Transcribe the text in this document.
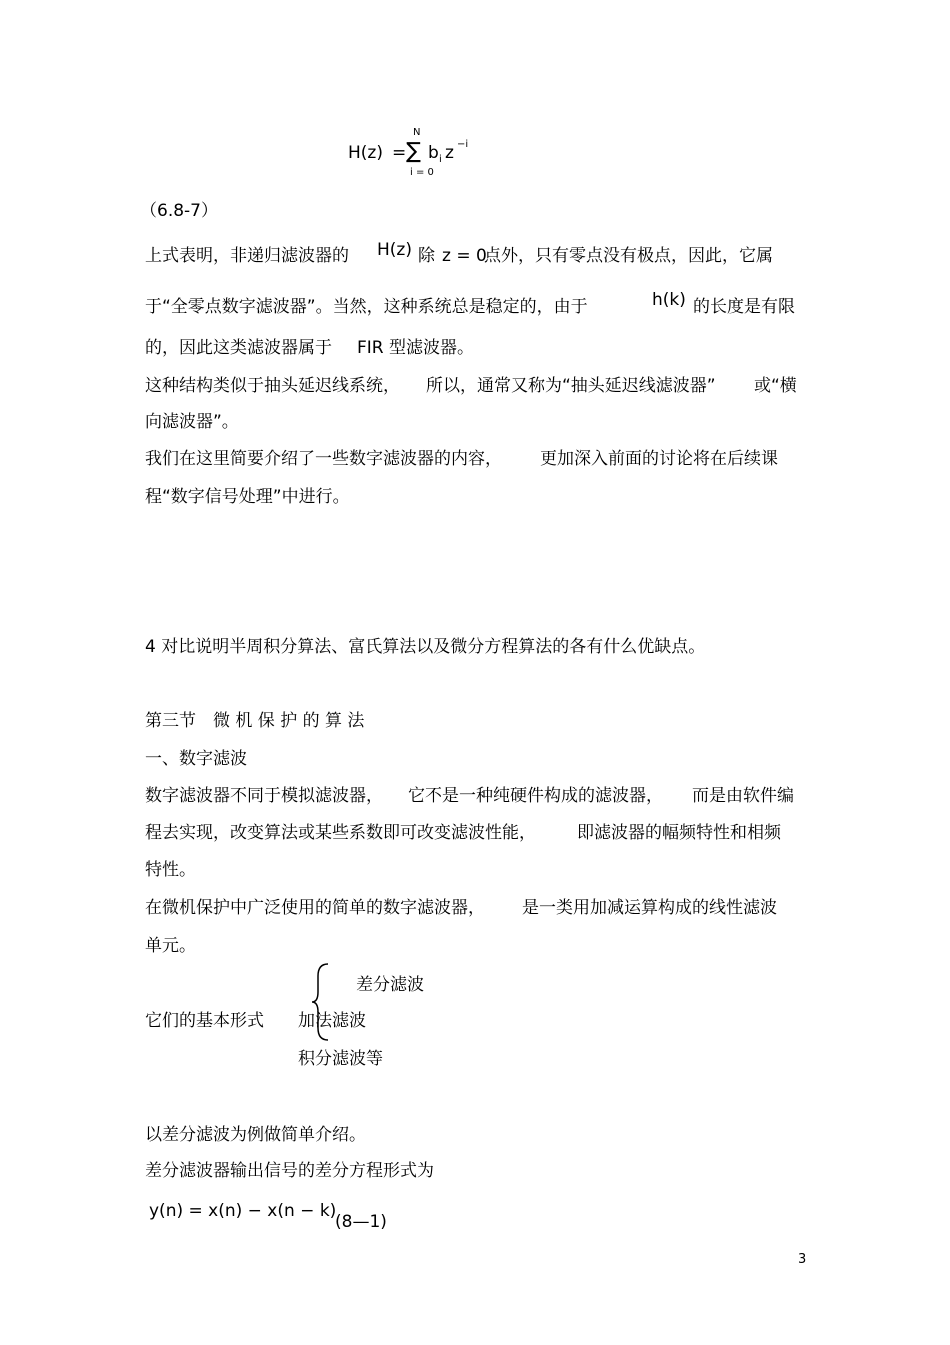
H(z) = ∑
N
i = 0
b i z −i
（6.8-7）
上式表明，非递归滤波器的 H(z) 除 z = 0
点外，只有零点没有极点，因此，它属
于“全零点数字滤波器”。当然，这种系统总是稳定的，由于	h(k) 的长度是有限
的，因此这类滤波器属于 FIR 型滤波器。
这种结构类似于抽头延迟线系统， 所以，通常又称为“抽头延迟线滤波器” 或“横
向滤波器”。
我们在这里简要介绍了一些数字滤波器的内容， 更加深入前面的讨论将在后续课
程“数字信号处理”中进行。
4 对比说明半周积分算法、富氏算法以及微分方程算法的各有什么优缺点。
第三节　微 机 保 护 的 算 法
一、数字滤波
数字滤波器不同于模拟滤波器， 它不是一种纯硬件构成的滤波器， 而是由软件编
程去实现，改变算法或某些系数即可改变滤波性能， 即滤波器的幅频特性和相频
特性。
在微机保护中广泛使用的简单的数字滤波器， 是一类用加减运算构成的线性滤波
单元。
它们的基本形式
差分滤波
加法滤波
积分滤波等
以差分滤波为例做简单介绍。
差分滤波器输出信号的差分方程形式为
y(n) = x(n) − x(n − k)
(8—1)
3
